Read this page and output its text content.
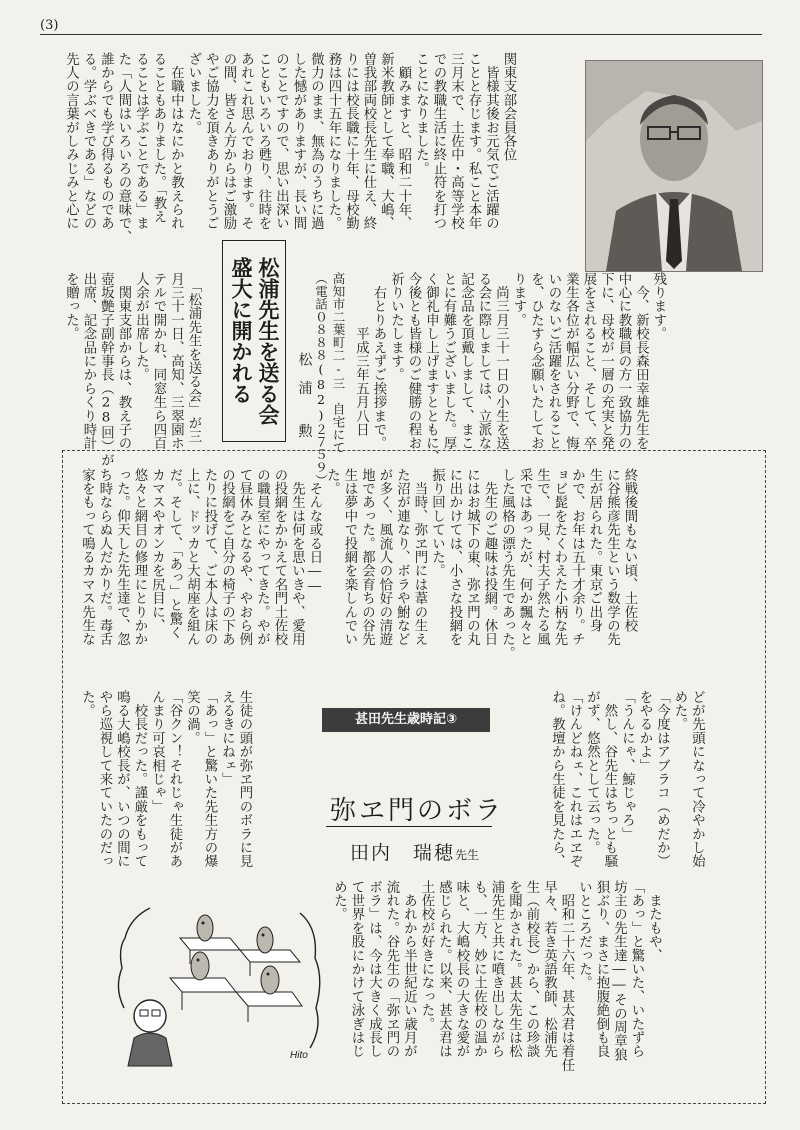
(3)
関東支部会員各位
　皆様其後お元気でご活躍の
ことと存じます。私こと本年
三月末で、土佐中・高等学校
での教職生活に終止符を打つ
ことになりました。
　顧みますと、昭和二十年、
新米教師として奉職、大嶋、
曽我部両校長先生に仕え、終
りには校長職に十年、母校勤
務は四十五年になりました。
微力のまま、無為のうちに過
した憾がありますが、長い間
のことですので、思い出深い
こともいろいろ甦り、往時を
あれこれ思んでおります。そ
の間、皆さん方からはご激励
やご協力を頂きありがとうご
ざいました。
　在職中はなにかと教えられ
ることもありました。「教え
ることは学ぶことである」ま
た「人間はいろいろの意味で、
誰からでも学び得るものであ
る。学ぶべきである」などの
先人の言葉がしみじみと心に
残ります。
　今、新校長森田幸雄先生を
中心に教職員の方一致協力の
下に、母校が一層の充実と発
展をされること、そして、卒
業生各位が幅広い分野で、悔
いのないご活躍をされること
を、ひたすら念願いたしてお
ります。
　尚三月三十一日の小生を送
る会に際しましては、立派な
記念品を頂戴しまして、まこ
とに有難うございました。厚
く御礼申し上げますとともに、
今後とも皆様のご健勝の程お
祈りいたします。
　右とりあえずご挨拶まで。
　　　　平成三年五月八日
高知市二葉町二‐三　自宅にて
（電話０８８８(82)２７５９）
松　浦　　勲
松浦先生を送る会
盛大に開かれる
　「松浦先生を送る会」が三
月三十一日、高知、三翠園ホ
テルで開かれ、同窓生ら四百
人余が出席した。
　関東支部からは、教え子の
壺坂艶子副幹事長（28回）が
出席、記念品にからくり時計
を贈った。
終戦後間もない頃、土佐校
に谷熊彦先生という数学の先
生が居られた。東京ご出身
かで、お年は五十才余り。チ
ョビ髭をたくわえた小柄な先
生で、一見、村夫子然たる風
采ではあったが、何か飄々と
した風格の漂う先生であった。
　先生のご趣味は投網。休日
にはお城下の東、弥ヱ門の丸
に出かけては、小さな投網を
振り回していた。
　当時、弥ヱ門には葦の生え
た沼が連なり、ボラや鮒など
が多く、風流人の恰好の清遊
地であった。都会育ちの谷先
生は夢中で投網を楽しんでい
た。
　そんな或る日――
　先生は何を思いきや、愛用
の投網をかかえて名門土佐校
の職員室にやってきた。やが
て昼休みとなるや、やおら例
の投網をご自分の椅子の下あ
たりに投げて、ご本人は床の
上に、ドッカと大胡座を組ん
だ。そして、「あっ」と驚く
カマスやオンカを尻目に、
悠々と網目の修理にとりかか
った。仰天した先生達で、忽
ち時ならぬ人だかりだ。毒舌
家をもって鳴るカマス先生な
どが先頭になって冷やかし始
めた。
「今度はアブラコ（めだか）
をやるかよ」
「うんにゃ、鯨じゃろ」
　然し、谷先生はちっとも騒
がず、悠然として云った。
「けんどねェ、これはエヱぞ
ね。教壇から生徒を見たら、
生徒の頭が弥ヱ門のボラに見
えるきにねェ」
「あっ」と驚いた先生方の爆
笑の渦。
「谷クン！それじゃ生徒があ
んまり可哀相じゃ」
　校長だった。謹厳をもって
鳴る大嶋校長が、いつの間に
やら巡視して来ていたのだっ
た。
　またもや、
「あっ」と驚いた、いたずら
坊主の先生達――その周章狼
狽ぶり、まさに抱腹絶倒も良
いところだった。
　昭和二十六年、甚太君は着任
早々、若き英語教師、松浦先
生（前校長）から、この珍談
を聞かされた。甚太先生は松
浦先生と共に噴き出しながら
も、一方、妙に土佐校の温か
味と、大嶋校長の大きな愛が
感じられた。以来、甚太君は
土佐校が好きになった。
　あれから半世紀近い歳月が
流れた。谷先生の「弥ヱ門の
ボラ」は、今は大きく成長し
て世界を股にかけて泳ぎはじ
めた。
甚田先生歳時記③
弥ヱ門のボラ
田内　瑞穂先生
Hito
